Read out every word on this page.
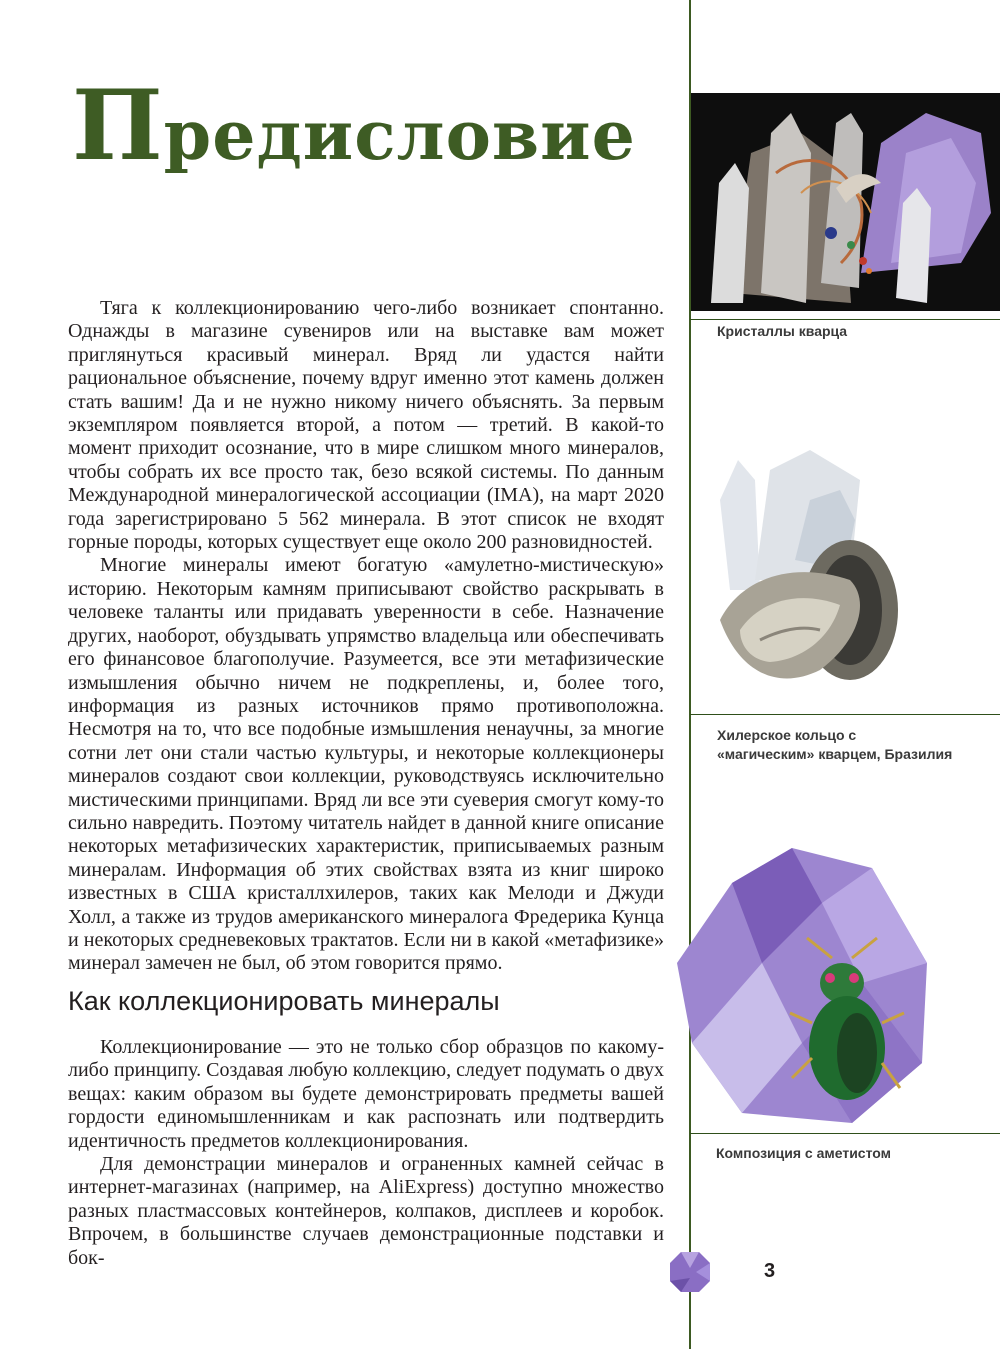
Предисловие

Тяга к коллекционированию чего-либо возникает спонтанно. Однажды в магазине сувениров или на выставке вам может приглянуться красивый минерал. Вряд ли удастся найти рациональное объяснение, почему вдруг именно этот камень должен стать вашим! Да и не нужно никому ничего объяснять. За первым экземпляром появляется второй, а потом — третий. В какой-то момент приходит осознание, что в мире слишком много минералов, чтобы собрать их все просто так, безо всякой системы. По данным Международной минералогической ассоциации (IMA), на март 2020 года зарегистрировано 5 562 минерала. В этот список не входят горные породы, которых существует еще около 200 разновидностей.

Многие минералы имеют богатую «амулетно-мистическую» историю. Некоторым камням приписывают свойство раскрывать в человеке таланты или придавать уверенности в себе. Назначение других, наоборот, обуздывать упрямство владельца или обеспечивать его финансовое благополучие. Разумеется, все эти метафизические измышления обычно ничем не подкреплены, и, более того, информация из разных источников прямо противоположна. Несмотря на то, что все подобные измышления ненаучны, за многие сотни лет они стали частью культуры, и некоторые коллекционеры минералов создают свои коллекции, руководствуясь исключительно мистическими принципами. Вряд ли все эти суеверия смогут кому-то сильно навредить. Поэтому читатель найдет в данной книге описание некоторых метафизических характеристик, приписываемых разным минералам. Информация об этих свойствах взята из книг широко известных в США кристаллхилеров, таких как Мелоди и Джуди Холл, а также из трудов американского минералога Фредерика Кунца и некоторых средневековых трактатов. Если ни в какой «метафизике» минерал замечен не был, об этом говорится прямо.

Как коллекционировать минералы

Коллекционирование — это не только сбор образцов по какому-либо принципу. Создавая любую коллекцию, следует подумать о двух вещах: каким образом вы будете демонстрировать предметы вашей гордости единомышленникам и как распознать или подтвердить идентичность предметов коллекционирования.

Для демонстрации минералов и ограненных камней сейчас в интернет-магазинах (например, на AliExpress) доступно множество разных пластмассовых контейнеров, колпаков, дисплеев и коробок. Впрочем, в большинстве случаев демонстрационные подставки и бок-

Кристаллы кварца
Хилерское кольцо с «магическим» кварцем, Бразилия
Композиция с аметистом
3
